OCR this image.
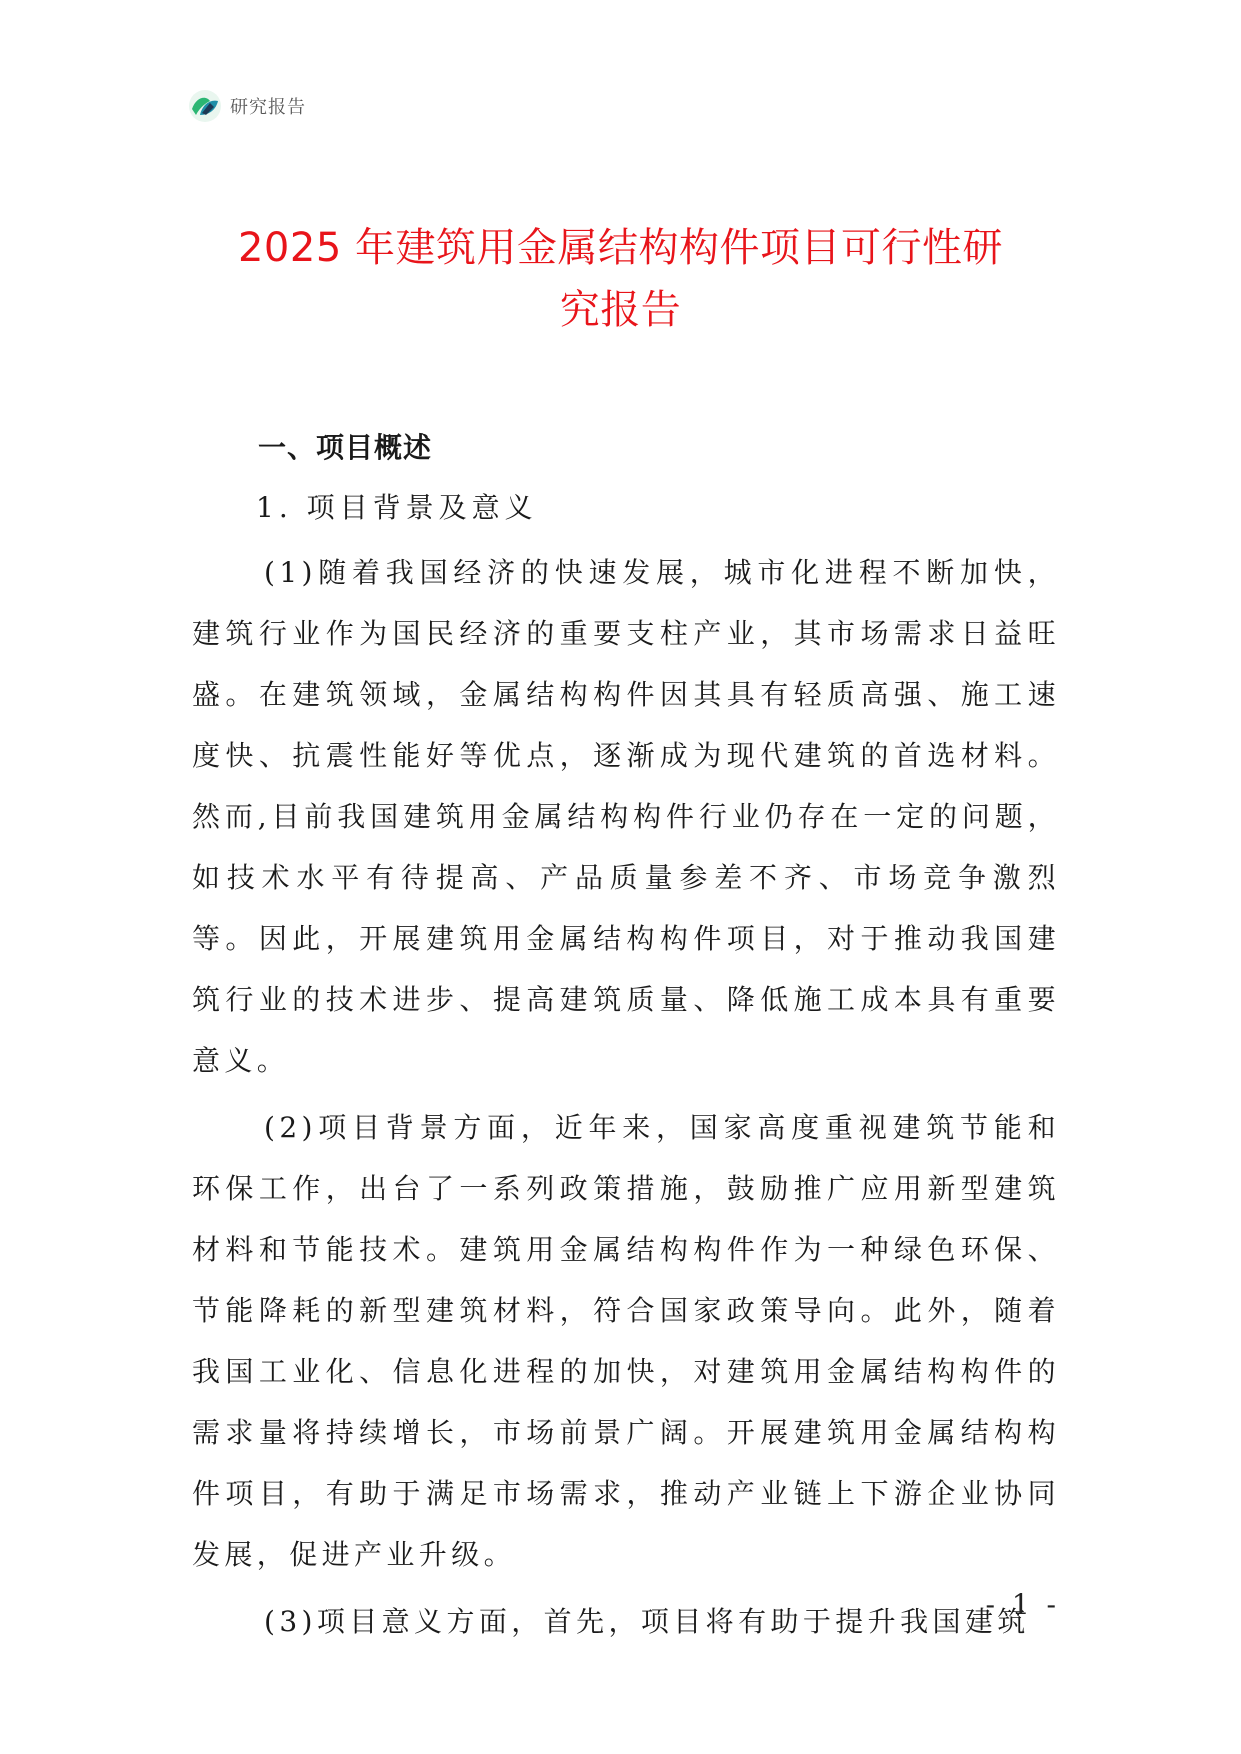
研究报告
2025 年建筑用金属结构构件项目可行性研
究报告
一、项目概述
1. 项目背景及意义

(1)随着我国经济的快速发展，城市化进程不断加快，建筑行业作为国民经济的重要支柱产业，其市场需求日益旺盛。在建筑领域，金属结构构件因其具有轻质高强、施工速度快、抗震性能好等优点，逐渐成为现代建筑的首选材料。然而,目前我国建筑用金属结构构件行业仍存在一定的问题，如技术水平有待提高、产品质量参差不齐、市场竞争激烈等。因此，开展建筑用金属结构构件项目，对于推动我国建筑行业的技术进步、提高建筑质量、降低施工成本具有重要意义。

(2)项目背景方面，近年来，国家高度重视建筑节能和环保工作，出台了一系列政策措施，鼓励推广应用新型建筑材料和节能技术。建筑用金属结构构件作为一种绿色环保、节能降耗的新型建筑材料，符合国家政策导向。此外，随着我国工业化、信息化进程的加快，对建筑用金属结构构件的需求量将持续增长，市场前景广阔。开展建筑用金属结构构件项目，有助于满足市场需求，推动产业链上下游企业协同发展，促进产业升级。

(3)项目意义方面，首先，项目将有助于提升我国建筑

- 1 -
